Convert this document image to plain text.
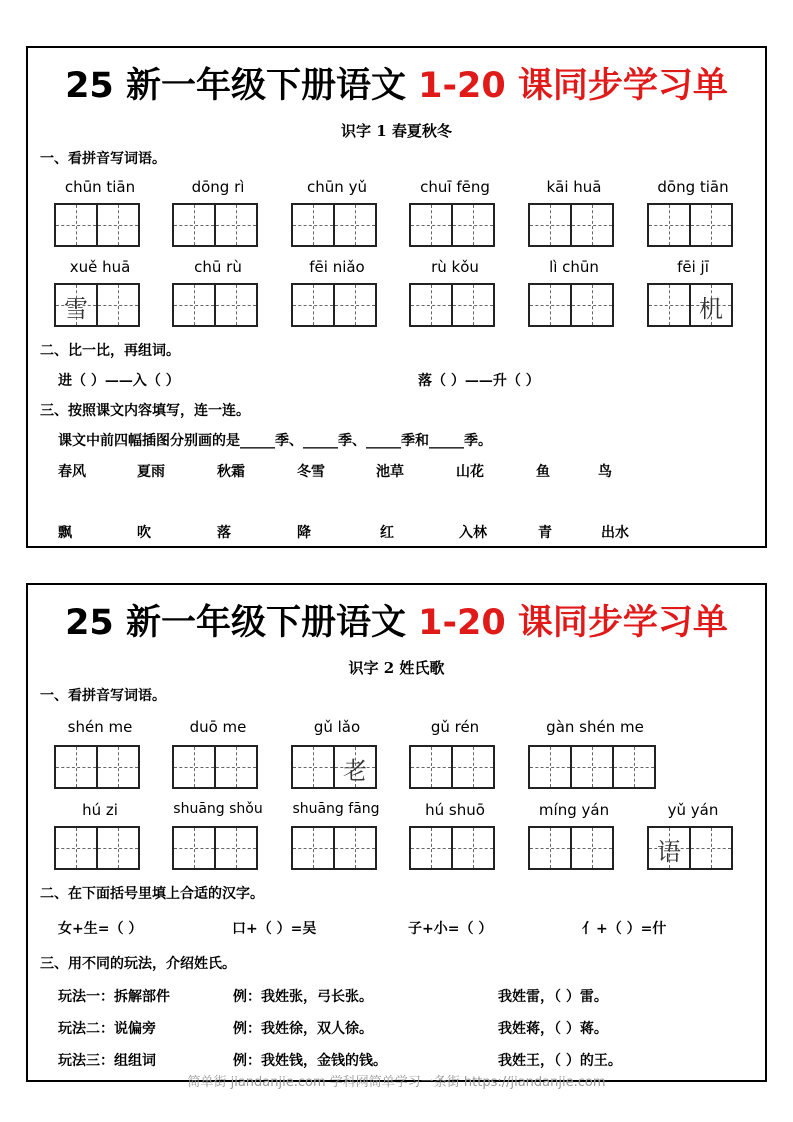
25 新一年级下册语文 1-20 课同步学习单
识字 1 春夏秋冬
一、看拼音写词语。
chūn tiān	dōng rì	chūn yǔ	chuī fēng	kāi huā	dōng tiān
xuě huā	chū rù	fēi niǎo	rù kǒu	lì chūn	fēi jī
雪	机
二、比一比，再组词。
进（ ）——入（ ）	落（ ）——升（ ）
三、按照课文内容填写，连一连。
课文中前四幅插图分别画的是_____季、_____季、_____季和_____季。
春风	夏雨	秋霜	冬雪	池草	山花	鱼	鸟
飘	吹	落	降	红	入林	青	出水
25 新一年级下册语文 1-20 课同步学习单
识字 2 姓氏歌
一、看拼音写词语。
shén me	duō me	gǔ lǎo	gǔ rén	gàn shén me
老
hú zi	shuāng shǒu	shuāng fāng	hú shuō	míng yán	yǔ yán
语
二、在下面括号里填上合适的汉字。
女+生=（ ）	口+（ ）=吴	子+小=（ ）	亻+（ ）=什
三、用不同的玩法，介绍姓氏。
玩法一：拆解部件	例：我姓张，弓长张。	我姓雷，（ ）雷。
玩法二：说偏旁	例：我姓徐，双人徐。	我姓蒋，（ ）蒋。
玩法三：组组词	例：我姓钱，金钱的钱。	我姓王，（ ）的王。
简单街 jiandanjie.com 学科网简单学习一条街 https://jiandanjie.com
